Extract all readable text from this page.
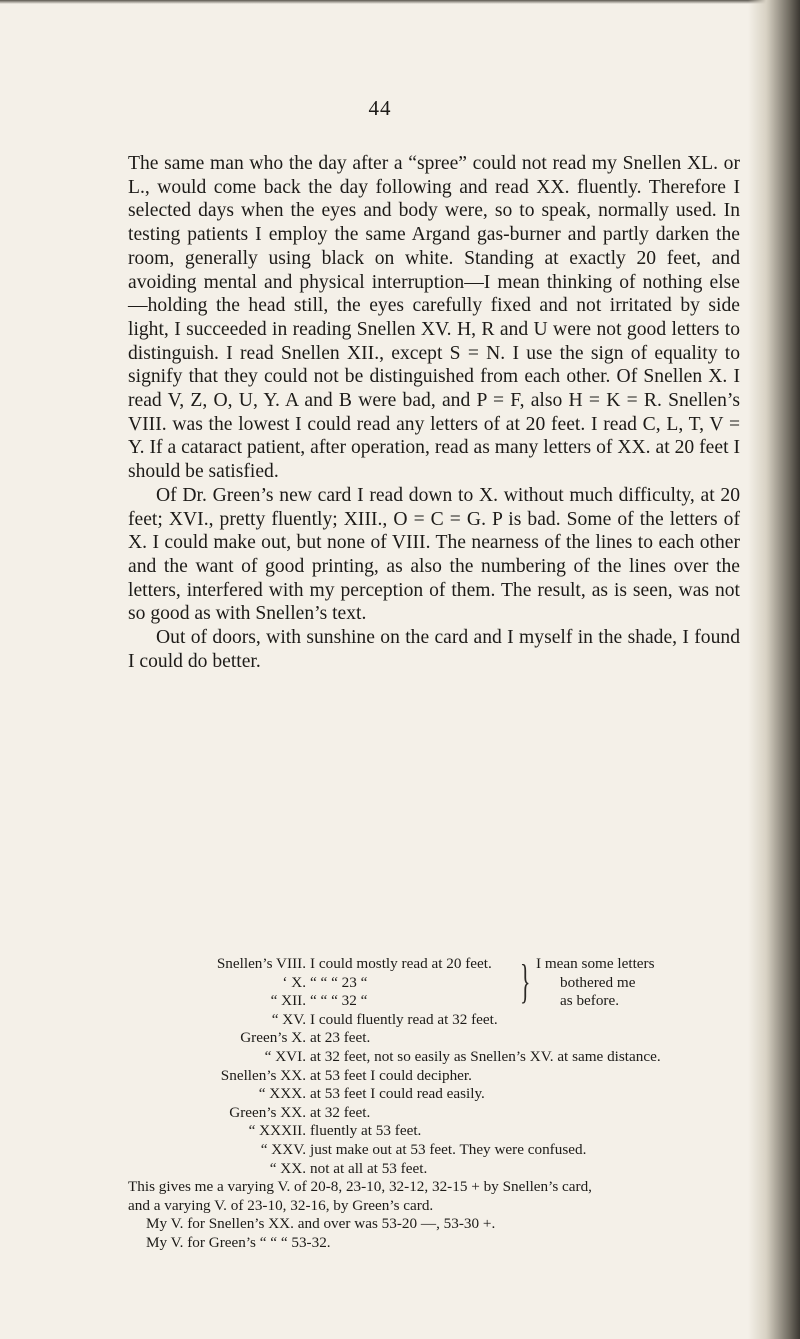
44

The same man who the day after a “spree” could not read my Snellen XL. or L., would come back the day following and read XX. fluently. Therefore I selected days when the eyes and body were, so to speak, normally used. In testing patients I employ the same Argand gas-burner and partly darken the room, generally using black on white. Standing at exactly 20 feet, and avoiding mental and physical interruption—I mean thinking of nothing else—holding the head still, the eyes carefully fixed and not irritated by side light, I succeeded in reading Snellen XV. H, R and U were not good letters to distinguish. I read Snellen XII., except S = N. I use the sign of equality to signify that they could not be distinguished from each other. Of Snellen X. I read V, Z, O, U, Y. A and B were bad, and P = F, also H = K = R. Snellen’s VIII. was the lowest I could read any letters of at 20 feet. I read C, L, T, V = Y. If a cataract patient, after operation, read as many letters of XX. at 20 feet I should be satisfied.

Of Dr. Green’s new card I read down to X. without much difficulty, at 20 feet; XVI., pretty fluently; XIII., O = C = G. P is bad. Some of the letters of X. I could make out, but none of VIII. The nearness of the lines to each other and the want of good printing, as also the numbering of the lines over the letters, interfered with my perception of them. The result, as is seen, was not so good as with Snellen’s text.

Out of doors, with sunshine on the card and I myself in the shade, I found I could do better.

Snellen’s VIII. I could mostly read at 20 feet.
‘ X. “ “ “ 23 “
“ XII. “ “ “ 32 “	} I mean some letters
bothered me
as before.
“ XV. I could fluently read at 32 feet.
Green’s X. at 23 feet.
“ XVI. at 32 feet, not so easily as Snellen’s XV. at same distance.
Snellen’s XX. at 53 feet I could decipher.
“ XXX. at 53 feet I could read easily.
Green’s XX. at 32 feet.
“ XXXII. fluently at 53 feet.
“ XXV. just make out at 53 feet. They were confused.
“ XX. not at all at 53 feet.

This gives me a varying V. of 20-8, 23-10, 32-12, 32-15 + by Snellen’s card,

and a varying V. of 23-10, 32-16, by Green’s card.

My V. for Snellen’s XX. and over was 53-20 —, 53-30 +.

My V. for Green’s “ “ “ 53-32.
